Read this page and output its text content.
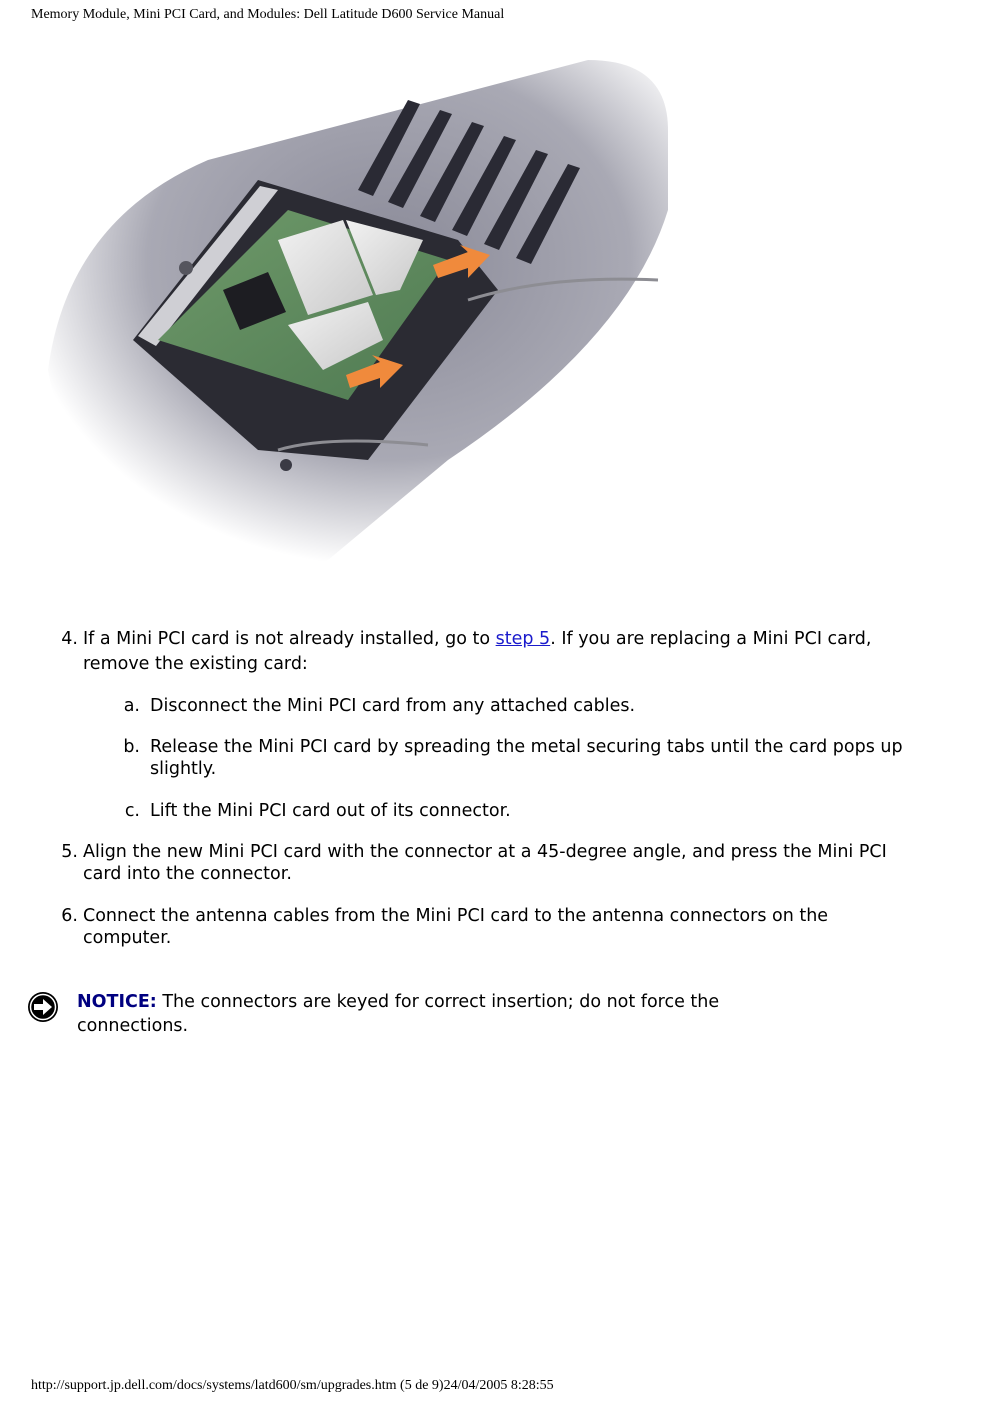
Memory Module, Mini PCI Card, and Modules: Dell Latitude D600 Service Manual
4. If a Mini PCI card is not already installed, go to step 5. If you are replacing a Mini PCI card,
remove the existing card:
a. Disconnect the Mini PCI card from any attached cables.
b. Release the Mini PCI card by spreading the metal securing tabs until the card pops up
slightly.
c. Lift the Mini PCI card out of its connector.
5. Align the new Mini PCI card with the connector at a 45-degree angle, and press the Mini PCI
card into the connector.
6. Connect the antenna cables from the Mini PCI card to the antenna connectors on the
computer.
NOTICE: The connectors are keyed for correct insertion; do not force the
connections.
http://support.jp.dell.com/docs/systems/latd600/sm/upgrades.htm (5 de 9)24/04/2005 8:28:55
